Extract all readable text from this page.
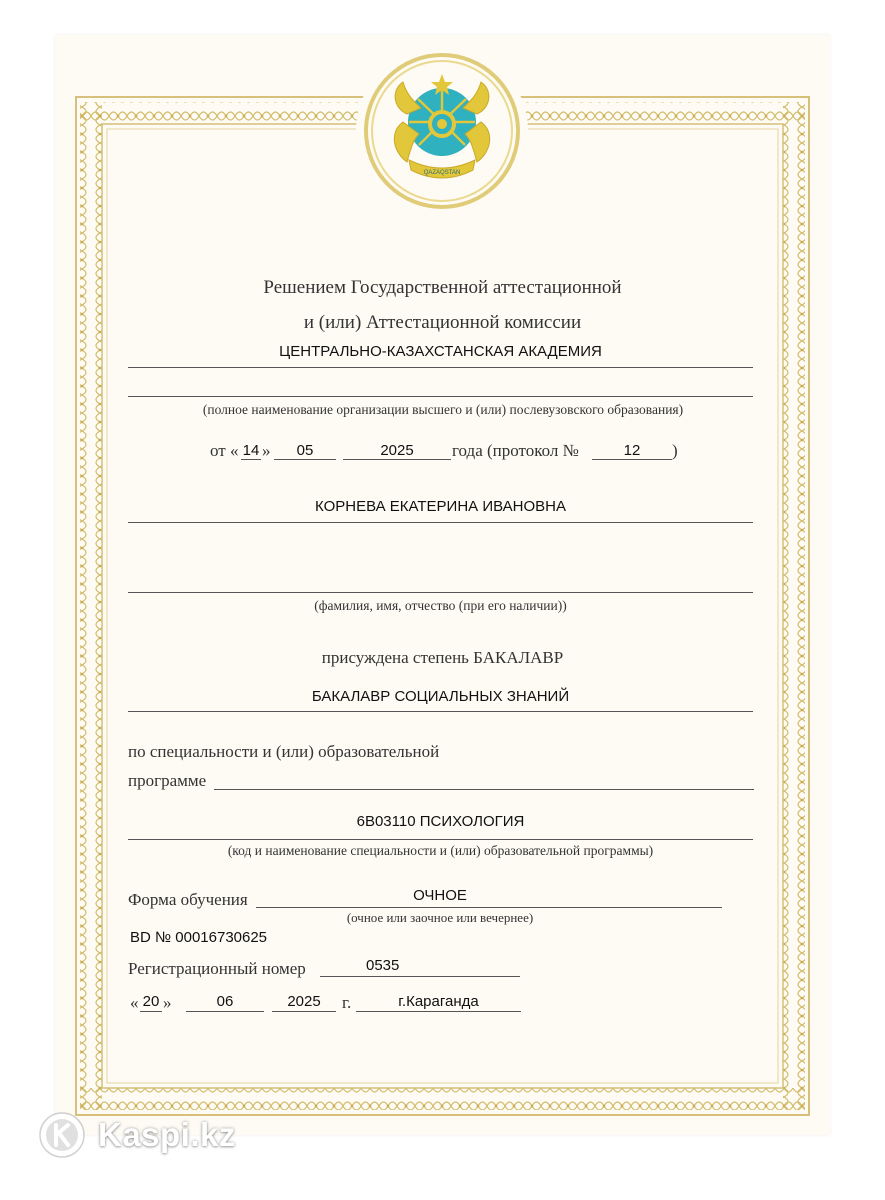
QAZAQSTAN
Решением Государственной аттестационной
и (или) Аттестационной комиссии
ЦЕНТРАЛЬНО-КАЗАХСТАНСКАЯ АКАДЕМИЯ
(полное наименование организации высшего и (или) послевузовского образования)
от « 14 »	05	2025	года (протокол №	12	)
КОРНЕВА ЕКАТЕРИНА ИВАНОВНА
(фамилия, имя, отчество (при его наличии))
присуждена степень БАКАЛАВР
БАКАЛАВР СОЦИАЛЬНЫХ ЗНАНИЙ
по специальности и (или) образовательной
программе
6В03110 ПСИХОЛОГИЯ
(код и наименование специальности и (или) образовательной программы)
Форма обучения	ОЧНОЕ
(очное или заочное или вечернее)
BD № 00016730625
Регистрационный номер	0535
« 20 »	06	2025	г.	г.Караганда
Kaspi.kz
